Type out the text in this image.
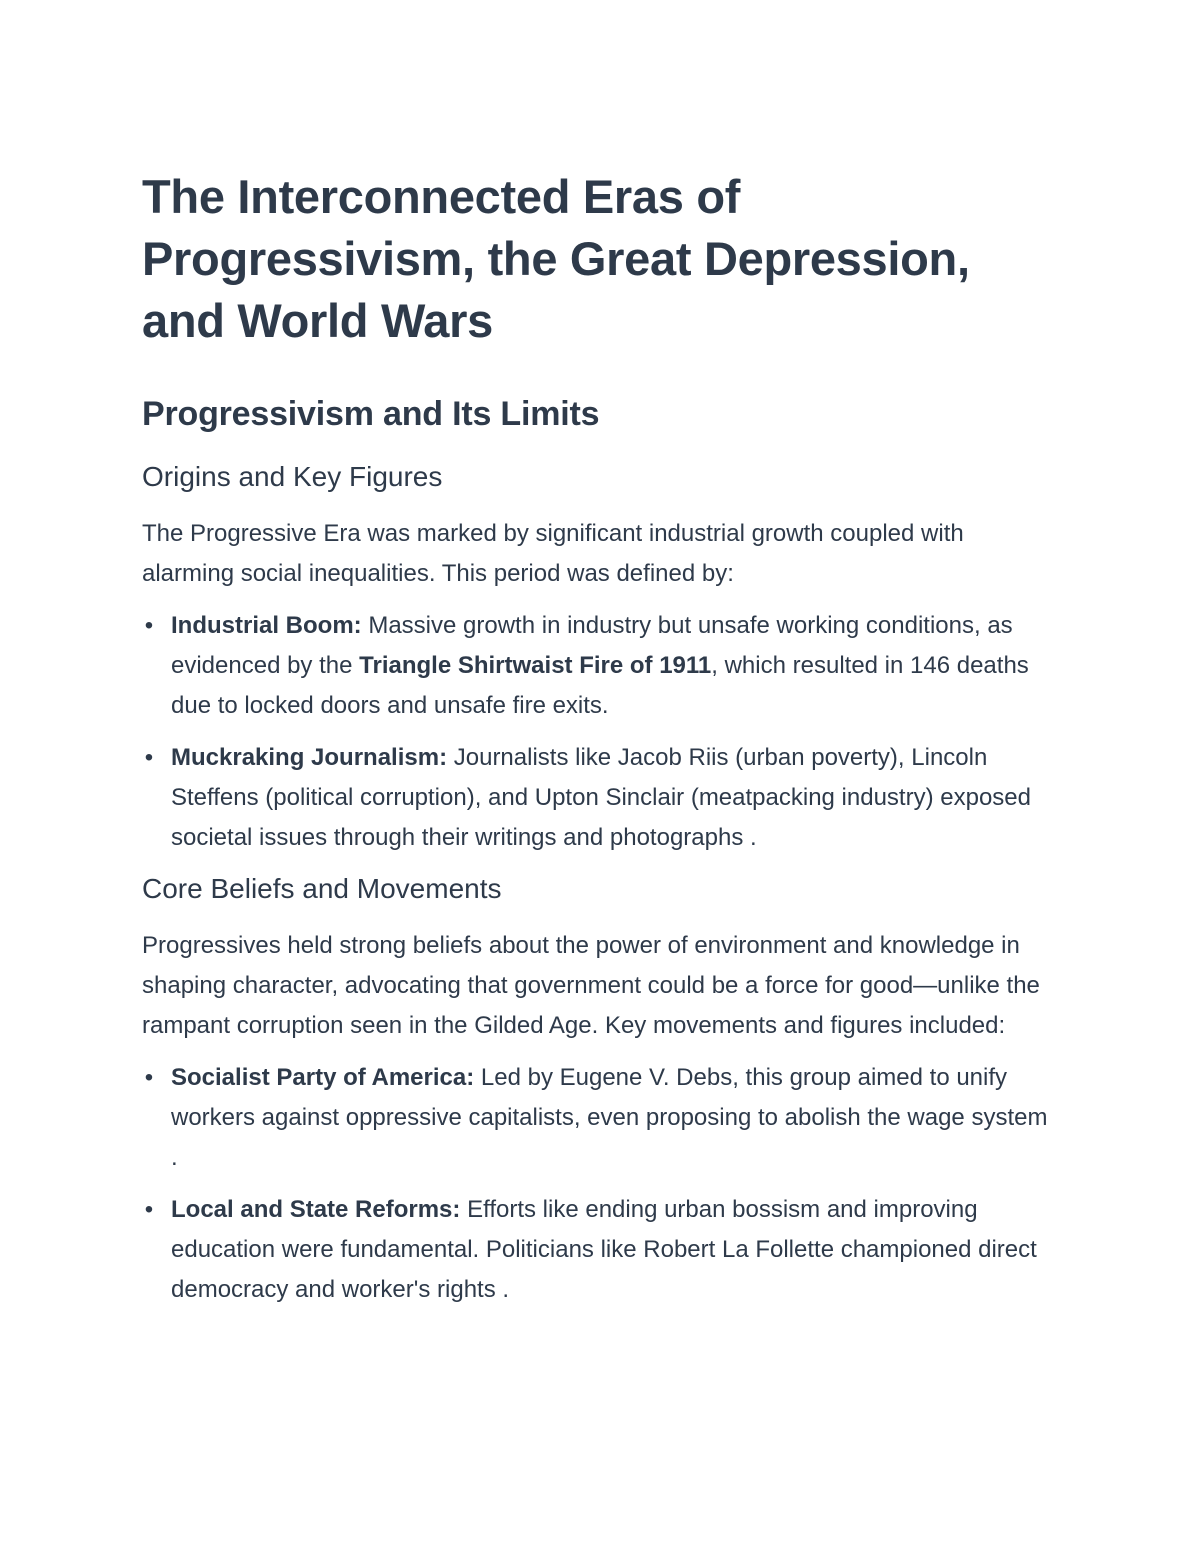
The Interconnected Eras of Progressivism, the Great Depression, and World Wars
Progressivism and Its Limits
Origins and Key Figures

The Progressive Era was marked by significant industrial growth coupled with alarming social inequalities. This period was defined by:

• Industrial Boom: Massive growth in industry but unsafe working conditions, as evidenced by the Triangle Shirtwaist Fire of 1911, which resulted in 146 deaths due to locked doors and unsafe fire exits.
• Muckraking Journalism: Journalists like Jacob Riis (urban poverty), Lincoln Steffens (political corruption), and Upton Sinclair (meatpacking industry) exposed societal issues through their writings and photographs .
Core Beliefs and Movements

Progressives held strong beliefs about the power of environment and knowledge in shaping character, advocating that government could be a force for good—unlike the rampant corruption seen in the Gilded Age. Key movements and figures included:

• Socialist Party of America: Led by Eugene V. Debs, this group aimed to unify workers against oppressive capitalists, even proposing to abolish the wage system .
• Local and State Reforms: Efforts like ending urban bossism and improving education were fundamental. Politicians like Robert La Follette championed direct democracy and worker's rights .
